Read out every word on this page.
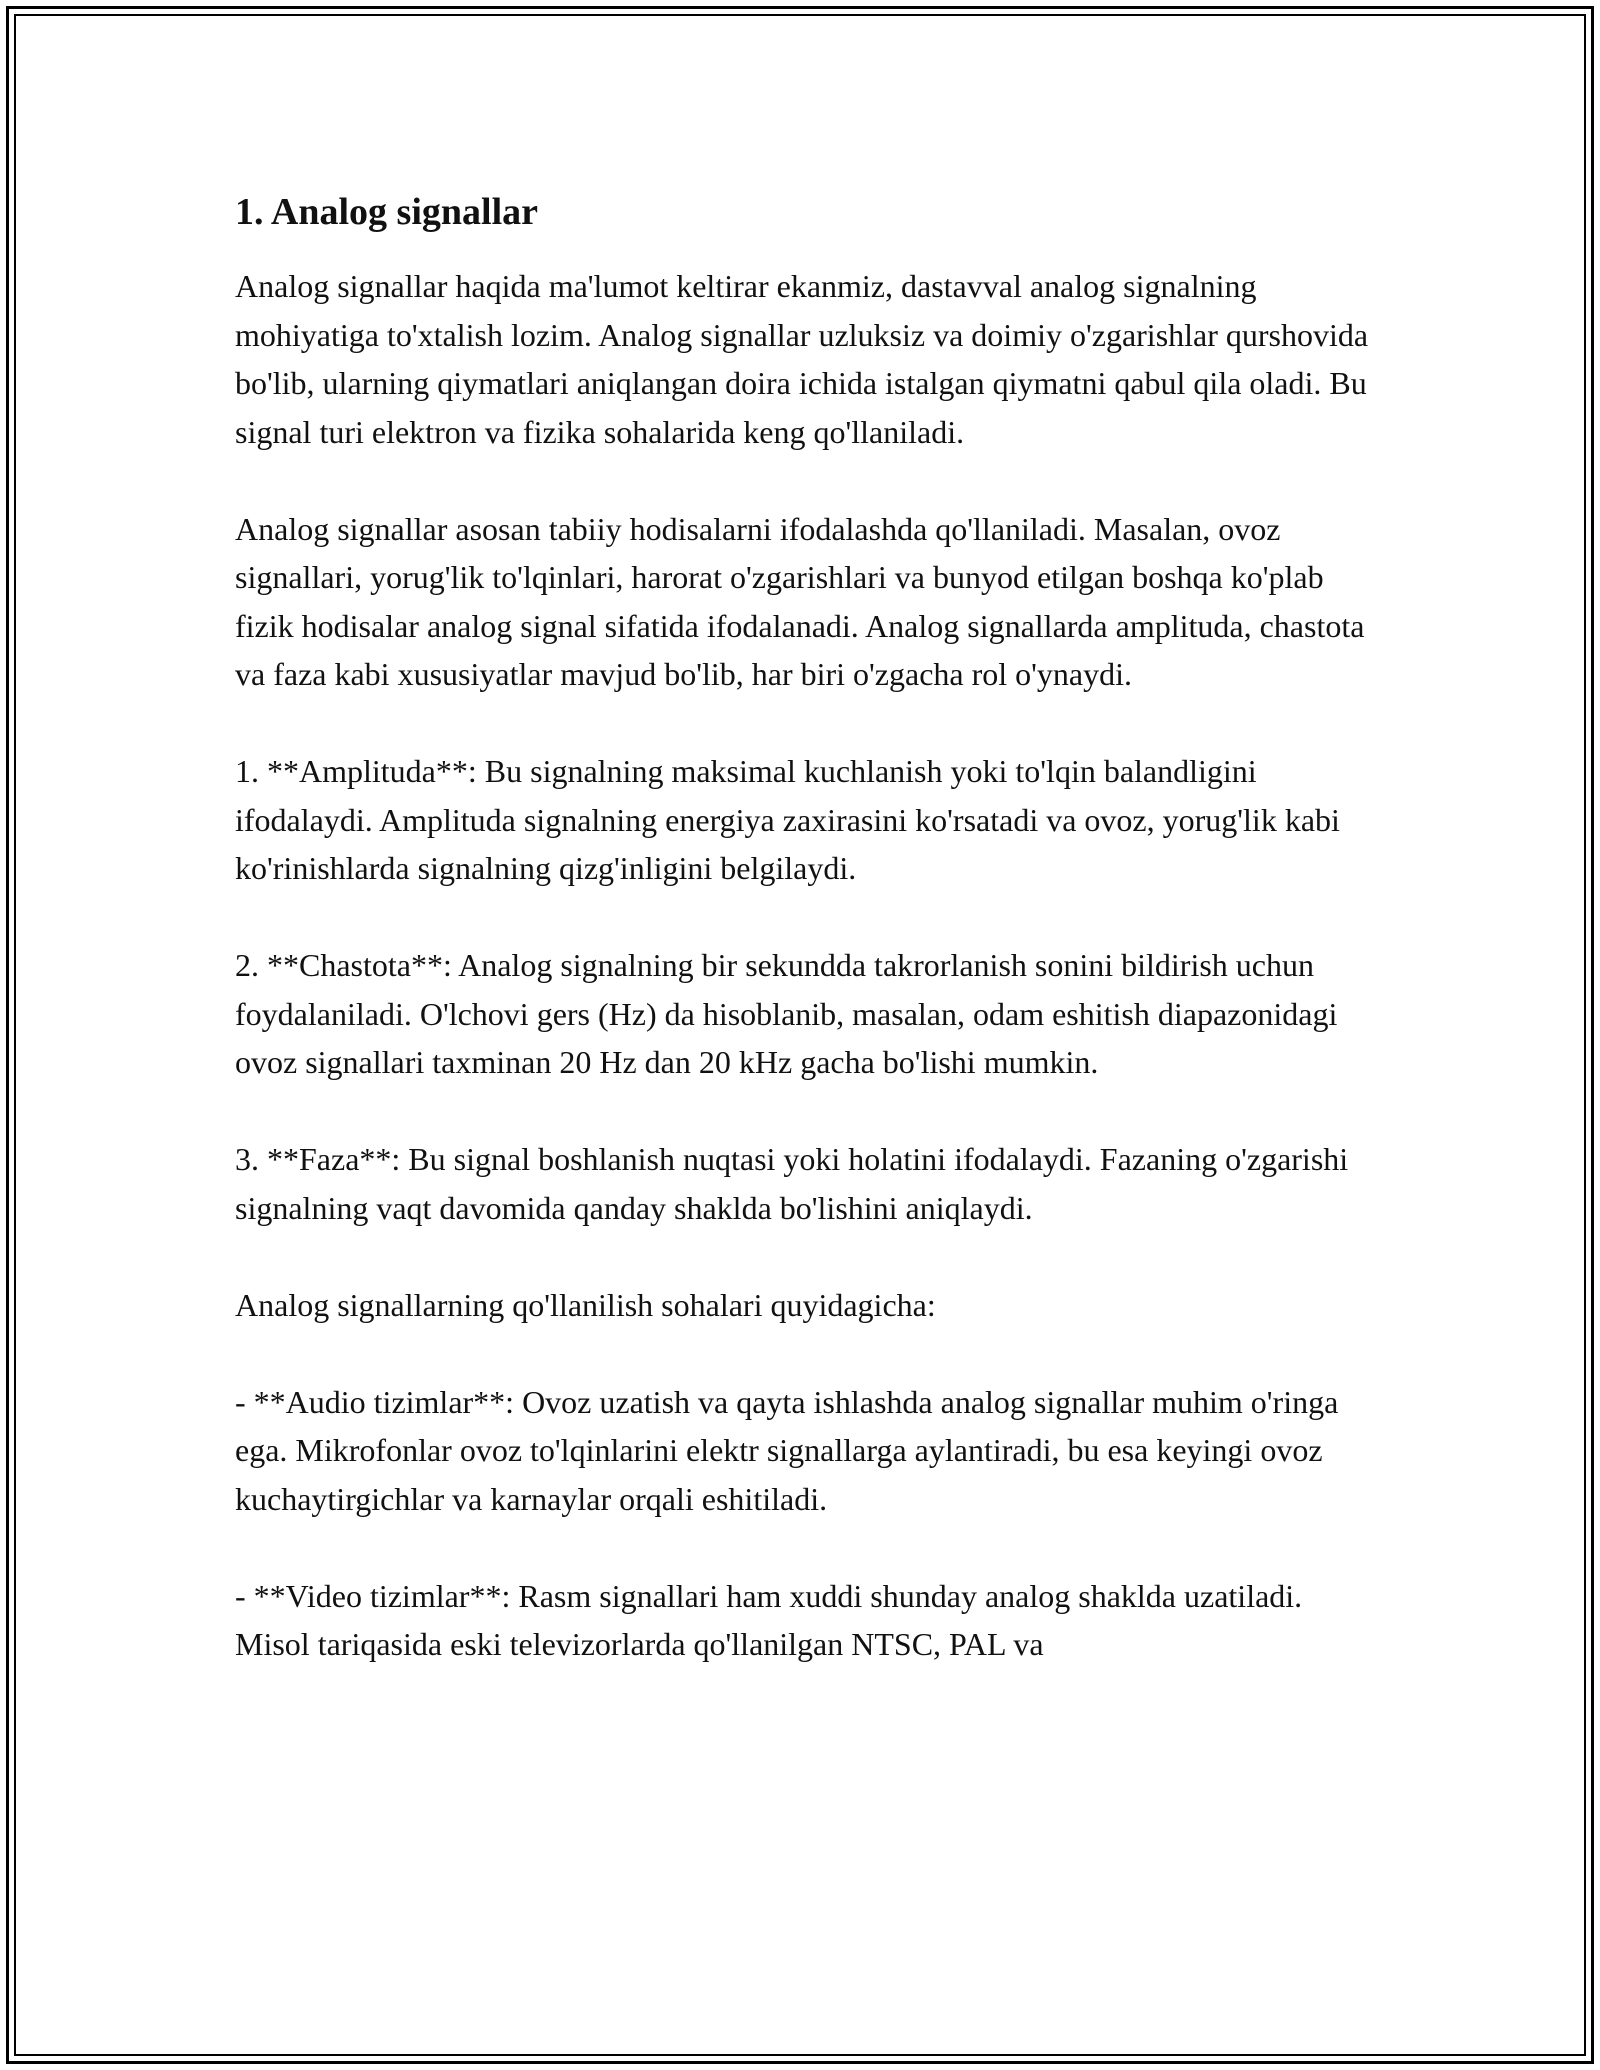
1. Analog signallar

Analog signallar haqida ma'lumot keltirar ekanmiz, dastavval analog signalning mohiyatiga to'xtalish lozim. Analog signallar uzluksiz va doimiy o'zgarishlar qurshovida bo'lib, ularning qiymatlari aniqlangan doira ichida istalgan qiymatni qabul qila oladi. Bu signal turi elektron va fizika sohalarida keng qo'llaniladi.

Analog signallar asosan tabiiy hodisalarni ifodalashda qo'llaniladi. Masalan, ovoz signallari, yorug'lik to'lqinlari, harorat o'zgarishlari va bunyod etilgan boshqa ko'plab fizik hodisalar analog signal sifatida ifodalanadi. Analog signallarda amplituda, chastota va faza kabi xususiyatlar mavjud bo'lib, har biri o'zgacha rol o'ynaydi.

1. **Amplituda**: Bu signalning maksimal kuchlanish yoki to'lqin balandligini ifodalaydi. Amplituda signalning energiya zaxirasini ko'rsatadi va ovoz, yorug'lik kabi ko'rinishlarda signalning qizg'inligini belgilaydi.

2. **Chastota**: Analog signalning bir sekundda takrorlanish sonini bildirish uchun foydalaniladi. O'lchovi gers (Hz) da hisoblanib, masalan, odam eshitish diapazonidagi ovoz signallari taxminan 20 Hz dan 20 kHz gacha bo'lishi mumkin.

3. **Faza**: Bu signal boshlanish nuqtasi yoki holatini ifodalaydi. Fazaning o'zgarishi signalning vaqt davomida qanday shaklda bo'lishini aniqlaydi.

Analog signallarning qo'llanilish sohalari quyidagicha:

- **Audio tizimlar**: Ovoz uzatish va qayta ishlashda analog signallar muhim o'ringa ega. Mikrofonlar ovoz to'lqinlarini elektr signallarga aylantiradi, bu esa keyingi ovoz kuchaytirgichlar va karnaylar orqali eshitiladi.

- **Video tizimlar**: Rasm signallari ham xuddi shunday analog shaklda uzatiladi. Misol tariqasida eski televizorlarda qo'llanilgan NTSC, PAL va
